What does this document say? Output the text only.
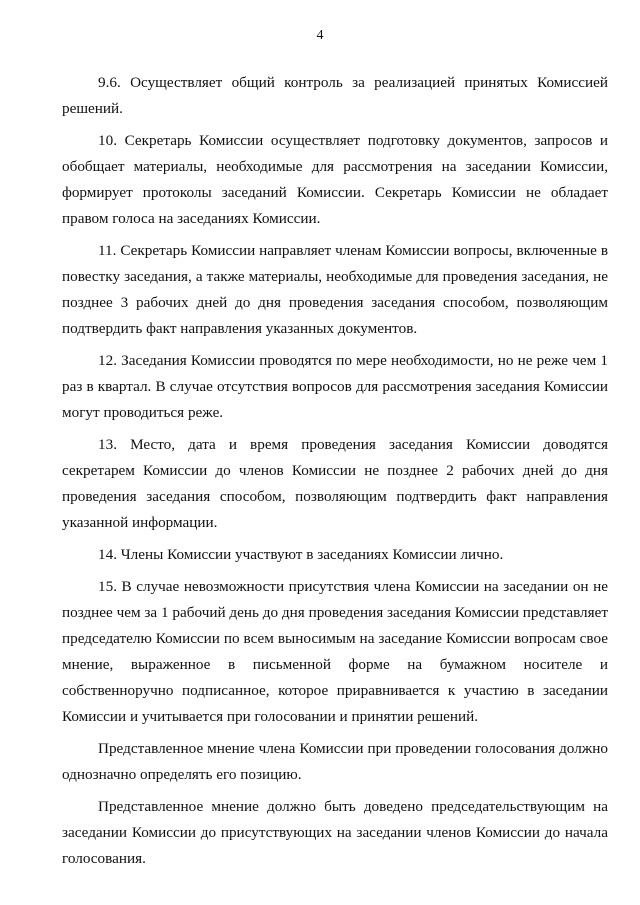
4

9.6. Осуществляет общий контроль за реализацией принятых Комиссией решений.

10. Секретарь Комиссии осуществляет подготовку документов, запросов и обобщает материалы, необходимые для рассмотрения на заседании Комиссии, формирует протоколы заседаний Комиссии. Секретарь Комиссии не обладает правом голоса на заседаниях Комиссии.

11. Секретарь Комиссии направляет членам Комиссии вопросы, включенные в повестку заседания, а также материалы, необходимые для проведения заседания, не позднее 3 рабочих дней до дня проведения заседания способом, позволяющим подтвердить факт направления указанных документов.

12. Заседания Комиссии проводятся по мере необходимости, но не реже чем 1 раз в квартал. В случае отсутствия вопросов для рассмотрения заседания Комиссии могут проводиться реже.

13. Место, дата и время проведения заседания Комиссии доводятся секретарем Комиссии до членов Комиссии не позднее 2 рабочих дней до дня проведения заседания способом, позволяющим подтвердить факт направления указанной информации.

14. Члены Комиссии участвуют в заседаниях Комиссии лично.

15. В случае невозможности присутствия члена Комиссии на заседании он не позднее чем за 1 рабочий день до дня проведения заседания Комиссии представляет председателю Комиссии по всем выносимым на заседание Комиссии вопросам свое мнение, выраженное в письменной форме на бумажном носителе и собственноручно подписанное, которое приравнивается к участию в заседании Комиссии и учитывается при голосовании и принятии решений.

Представленное мнение члена Комиссии при проведении голосования должно однозначно определять его позицию.

Представленное мнение должно быть доведено председательствующим на заседании Комиссии до присутствующих на заседании членов Комиссии до начала голосования.
